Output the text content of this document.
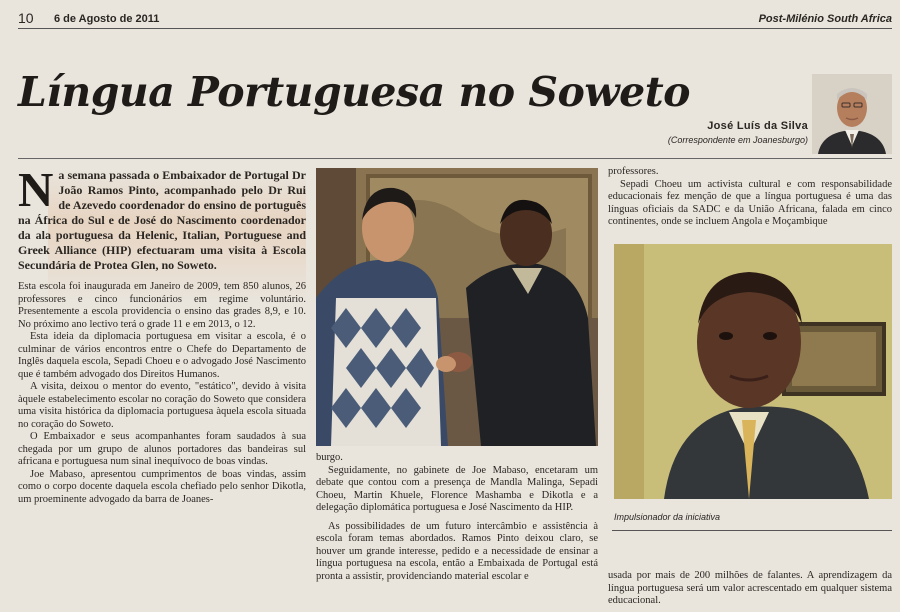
10 6 de Agosto de 2011	Post-Milénio South Africa
Língua Portuguesa no Soweto
José Luís da Silva
(Correspondente em Joanesburgo)

Na semana passada o Embaixador de Portugal Dr João Ramos Pinto, acompanhado pelo Dr Rui de Azevedo coordenador do ensino de português na África do Sul e de José do Nascimento coordenador da ala portuguesa da Helenic, Italian, Portuguese and Greek Alliance (HIP) efectuaram uma visita à Escola Secundária de Protea Glen, no Soweto.

Esta escola foi inaugurada em Janeiro de 2009, tem 850 alunos, 26 professores e cinco funcionários em regime voluntário. Presentemente a escola providencia o ensino das grades 8,9, e 10. No próximo ano lectivo terá o grade 11 e em 2013, o 12.

Esta ideia da diplomacia portuguesa em visitar a escola, é o culminar de vários encontros entre o Chefe do Departamento de Inglês daquela escola, Sepadi Choeu e o advogado José Nascimento que é também advogado dos Direitos Humanos.

A visita, deixou o mentor do evento, "estático", devido à visita àquele estabelecimento escolar no coração do Soweto que considera uma visita histórica da diplomacia portuguesa àquela escola situada no coração do Soweto.

O Embaixador e seus acompanhantes foram saudados à sua chegada por um grupo de alunos portadores das bandeiras sul africana e portuguesa num sinal inequívoco de boas vindas.

Joe Mabaso, apresentou cumprimentos de boas vindas, assim como o corpo docente daquela escola chefiado pelo senhor Dikotla, um proeminente advogado da barra de Joanes-

burgo.

Seguidamente, no gabinete de Joe Mabaso, encetaram um debate que contou com a presença de Mandla Malinga, Sepadi Choeu, Martin Khuele, Florence Mashamba e Dikotla e a delegação diplomática portuguesa e José Nascimento da HIP.

As possibilidades de um futuro intercâmbio e assistência à escola foram temas abordados. Ramos Pinto deixou claro, se houver um grande interesse, pedido e a necessidade de ensinar a língua portuguesa na escola, então a Embaixada de Portugal está pronta a assistir, providenciando material escolar e

professores.

Sepadi Choeu um activista cultural e com responsabilidade educacionais fez menção de que a língua portuguesa é uma das línguas oficiais da SADC e da União Africana, falada em cinco continentes, onde se incluem Angola e Moçambique

Impulsionador da iniciativa

usada por mais de 200 milhões de falantes. A aprendizagem da língua portuguesa será um valor acrescentado em qualquer sistema educacional.
